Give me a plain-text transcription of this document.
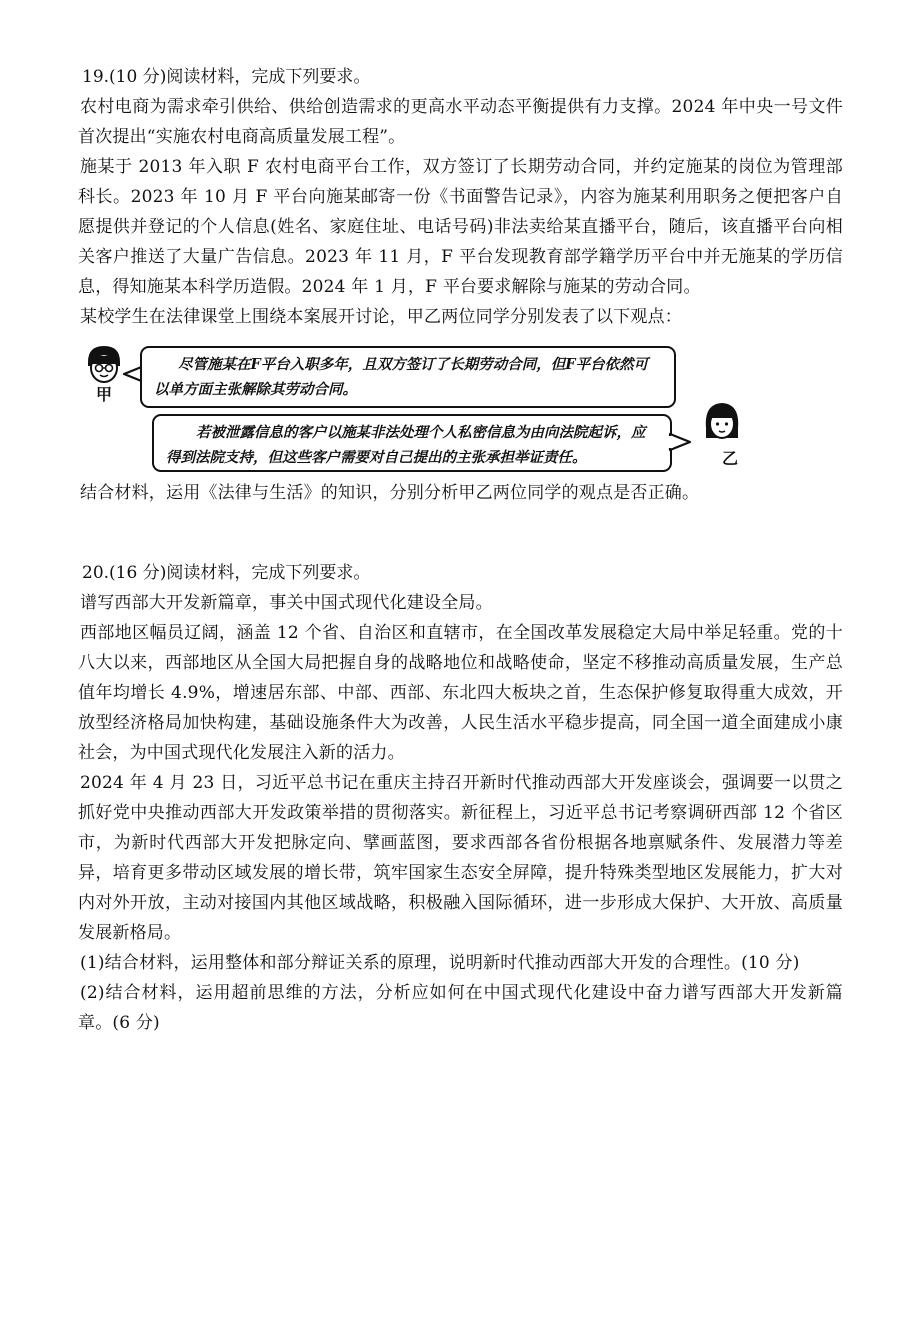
19.(10 分)阅读材料，完成下列要求。

农村电商为需求牵引供给、供给创造需求的更高水平动态平衡提供有力支撑。2024 年中央一号文件首次提出“实施农村电商高质量发展工程”。

施某于 2013 年入职 F 农村电商平台工作，双方签订了长期劳动合同，并约定施某的岗位为管理部科长。2023 年 10 月 F 平台向施某邮寄一份《书面警告记录》，内容为施某利用职务之便把客户自愿提供并登记的个人信息(姓名、家庭住址、电话号码)非法卖给某直播平台，随后，该直播平台向相关客户推送了大量广告信息。2023 年 11 月，F 平台发现教育部学籍学历平台中并无施某的学历信息，得知施某本科学历造假。2024 年 1 月，F 平台要求解除与施某的劳动合同。

某校学生在法律课堂上围绕本案展开讨论，甲乙两位同学分别发表了以下观点：

甲
尽管施某在F平台入职多年，且双方签订了长期劳动合同，但F平台依然可以单方面主张解除其劳动合同。
若被泄露信息的客户以施某非法处理个人私密信息为由向法院起诉，应得到法院支持，但这些客户需要对自己提出的主张承担举证责任。	乙

结合材料，运用《法律与生活》的知识，分别分析甲乙两位同学的观点是否正确。

20.(16 分)阅读材料，完成下列要求。

谱写西部大开发新篇章，事关中国式现代化建设全局。

西部地区幅员辽阔，涵盖 12 个省、自治区和直辖市，在全国改革发展稳定大局中举足轻重。党的十八大以来，西部地区从全国大局把握自身的战略地位和战略使命，坚定不移推动高质量发展，生产总值年均增长 4.9%，增速居东部、中部、西部、东北四大板块之首，生态保护修复取得重大成效，开放型经济格局加快构建，基础设施条件大为改善，人民生活水平稳步提高，同全国一道全面建成小康社会，为中国式现代化发展注入新的活力。

2024 年 4 月 23 日，习近平总书记在重庆主持召开新时代推动西部大开发座谈会，强调要一以贯之抓好党中央推动西部大开发政策举措的贯彻落实。新征程上，习近平总书记考察调研西部 12 个省区市，为新时代西部大开发把脉定向、擘画蓝图，要求西部各省份根据各地禀赋条件、发展潜力等差异，培育更多带动区域发展的增长带，筑牢国家生态安全屏障，提升特殊类型地区发展能力，扩大对内对外开放，主动对接国内其他区域战略，积极融入国际循环，进一步形成大保护、大开放、高质量发展新格局。

(1)结合材料，运用整体和部分辩证关系的原理，说明新时代推动西部大开发的合理性。(10 分)

(2)结合材料，运用超前思维的方法，分析应如何在中国式现代化建设中奋力谱写西部大开发新篇章。(6 分)
